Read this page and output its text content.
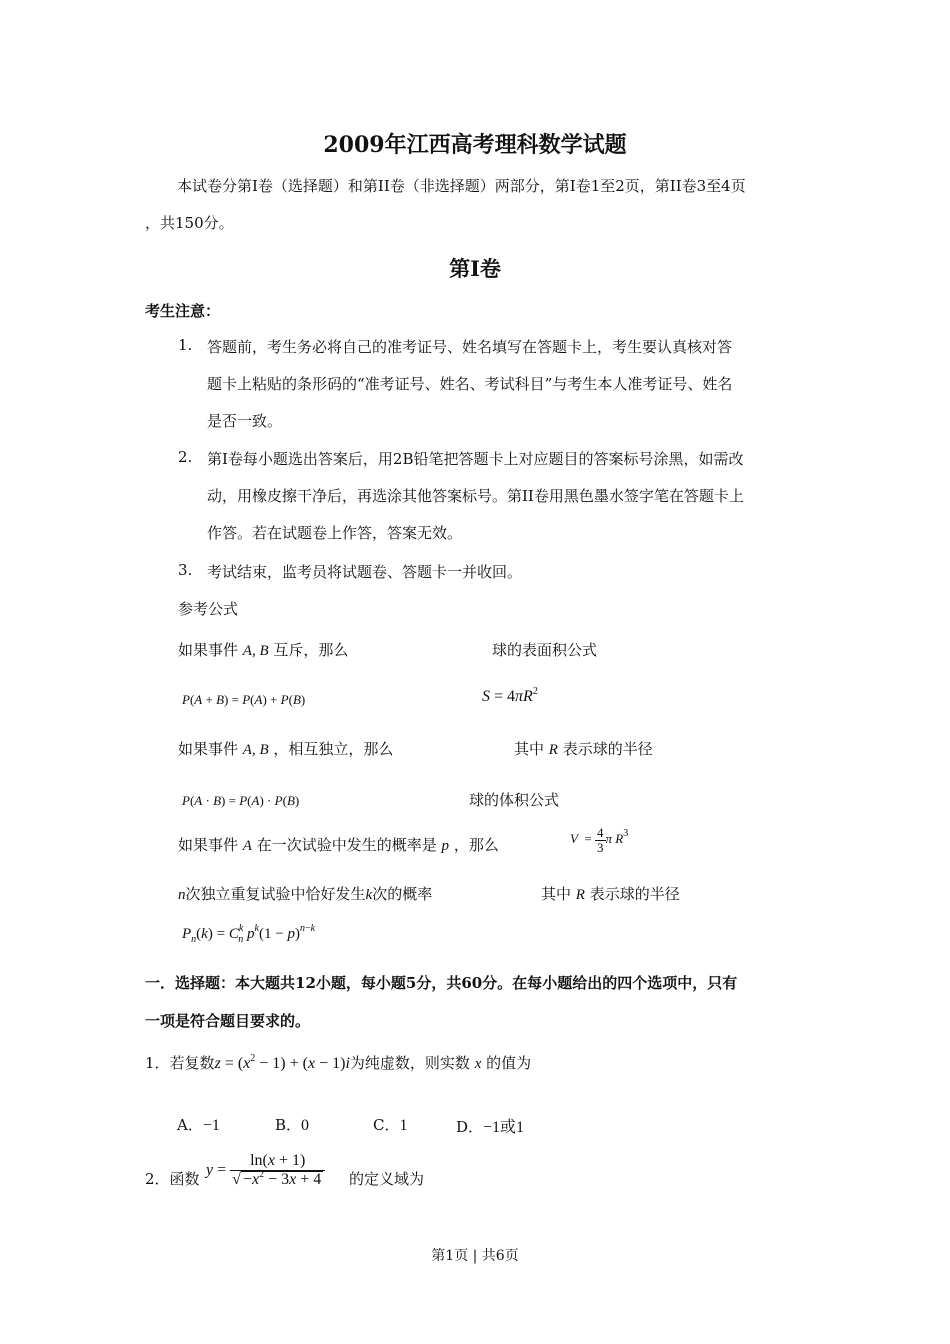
2009年江西高考理科数学试题
本试卷分第I卷（选择题）和第II卷（非选择题）两部分，第I卷1至2页，第II卷3至4页
，共150分。
第I卷
考生注意：
1. 答题前，考生务必将自己的准考证号、姓名填写在答题卡上，考生要认真核对答
题卡上粘贴的条形码的“准考证号、姓名、考试科目”与考生本人准考证号、姓名
是否一致。
2. 第I卷每小题选出答案后，用2B铅笔把答题卡上对应题目的答案标号涂黑，如需改
动，用橡皮擦干净后，再选涂其他答案标号。第II卷用黑色墨水签字笔在答题卡上
作答。若在试题卷上作答，答案无效。
3. 考试结束，监考员将试题卷、答题卡一并收回。
参考公式
如果事件 A, B 互斥，那么	球的表面积公式
P(A + B) = P(A) + P(B)	$S = 4\pi R^2$
如果事件 A, B ，相互独立，那么	其中 R 表示球的半径
P(A · B) = P(A) · P(B)	球的体积公式
如果事件 A 在一次试验中发生的概率是 p ，那么	$V = \frac{4}{3}$ π $R^3$
n次独立重复试验中恰好发生k次的概率	其中 R 表示球的半径
$P_n(k) = C^k_n$ $p^k(1 - p)^{n-k}$
一．选择题：本大题共12小题，每小题5分，共60分。在每小题给出的四个选项中，只有
一项是符合题目要求的。
1．若复数$z = (x^2 - 1) + (x - 1)i$为纯虚数，则实数 x 的值为
A．−1	B．0	C．1	D．−1或1
2．函数
$y = \frac{\ln(x + 1)}{√ -x^2 - 3x + 4}$ 的定义域为
第1页 | 共6页
